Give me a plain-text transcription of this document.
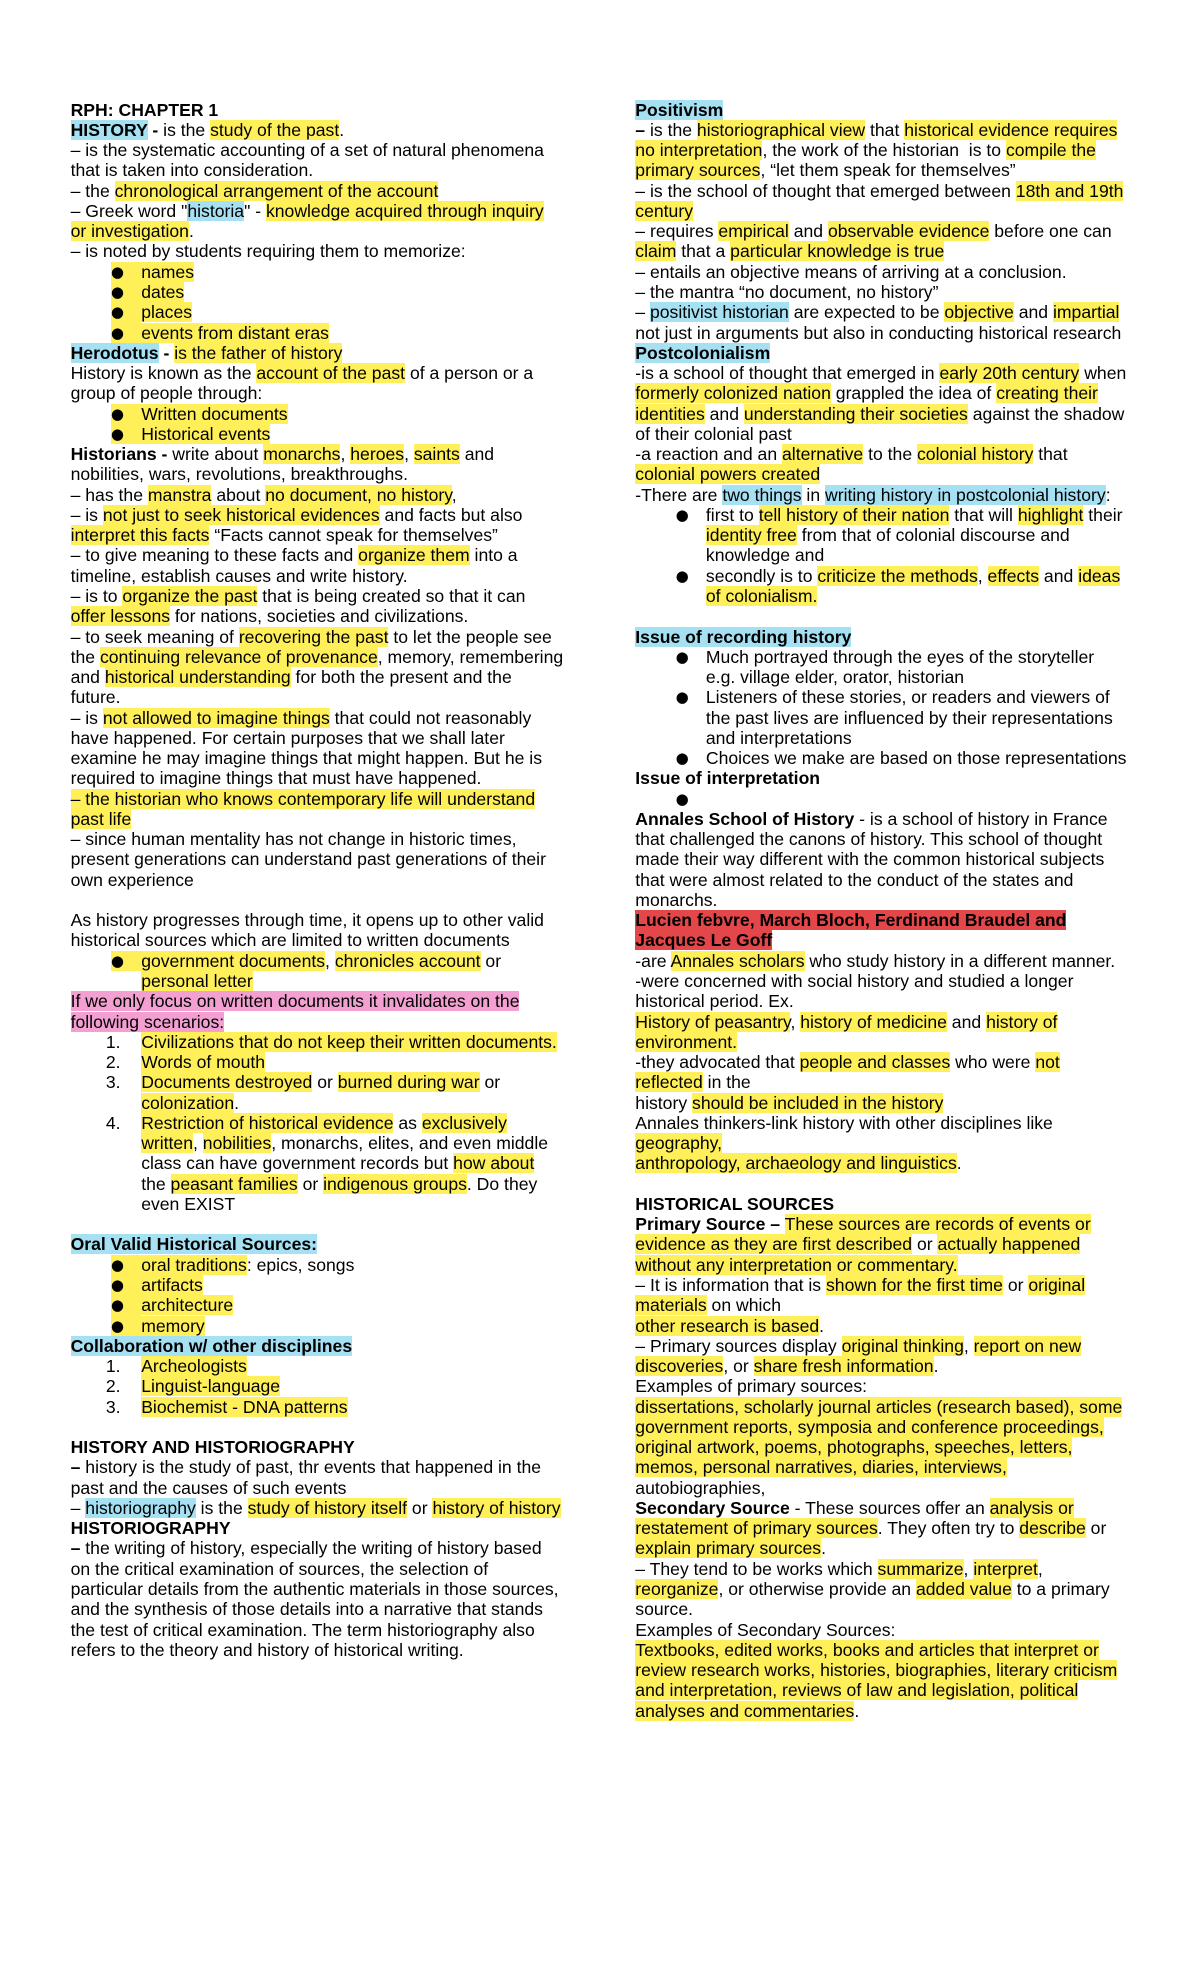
RPH: CHAPTER 1
HISTORY - is the study of the past.
– is the systematic accounting of a set of natural phenomena
that is taken into consideration.
– the chronological arrangement of the account
– Greek word "historia" - knowledge acquired through inquiry
or investigation.
– is noted by students requiring them to memorize:
● names
● dates
● places
● events from distant eras
Herodotus - is the father of history
History is known as the account of the past of a person or a
group of people through:
● Written documents
● Historical events
Historians - write about monarchs, heroes, saints and
nobilities, wars, revolutions, breakthroughs.
– has the manstra about no document, no history,
– is not just to seek historical evidences and facts but also
interpret this facts “Facts cannot speak for themselves”
– to give meaning to these facts and organize them into a
timeline, establish causes and write history.
– is to organize the past that is being created so that it can
offer lessons for nations, societies and civilizations.
– to seek meaning of recovering the past to let the people see
the continuing relevance of provenance, memory, remembering
and historical understanding for both the present and the
future.
– is not allowed to imagine things that could not reasonably
have happened. For certain purposes that we shall later
examine he may imagine things that might happen. But he is
required to imagine things that must have happened.
– the historian who knows contemporary life will understand
past life
– since human mentality has not change in historic times,
present generations can understand past generations of their
own experience
As history progresses through time, it opens up to other valid
historical sources which are limited to written documents
● government documents, chronicles account or
personal letter
If we only focus on written documents it invalidates on the
following scenarios:
1. Civilizations that do not keep their written documents.
2. Words of mouth
3. Documents destroyed or burned during war or
colonization.
4. Restriction of historical evidence as exclusively
written, nobilities, monarchs, elites, and even middle
class can have government records but how about
the peasant families or indigenous groups. Do they
even EXIST
Oral Valid Historical Sources:
● oral traditions: epics, songs
● artifacts
● architecture
● memory
Collaboration w/ other disciplines
1. Archeologists
2. Linguist-language
3. Biochemist - DNA patterns
HISTORY AND HISTORIOGRAPHY
– history is the study of past, thr events that happened in the
past and the causes of such events
– historiography is the study of history itself or history of history
HISTORIOGRAPHY
– the writing of history, especially the writing of history based
on the critical examination of sources, the selection of
particular details from the authentic materials in those sources,
and the synthesis of those details into a narrative that stands
the test of critical examination. The term historiography also
refers to the theory and history of historical writing.
Positivism
– is the historiographical view that historical evidence requires
no interpretation, the work of the historian  is to compile the
primary sources, “let them speak for themselves”
– is the school of thought that emerged between 18th and 19th
century
– requires empirical and observable evidence before one can
claim that a particular knowledge is true
– entails an objective means of arriving at a conclusion.
– the mantra “no document, no history”
– positivist historian are expected to be objective and impartial
not just in arguments but also in conducting historical research
Postcolonialism
-is a school of thought that emerged in early 20th century when
formerly colonized nation grappled the idea of creating their
identities and understanding their societies against the shadow
of their colonial past
-a reaction and an alternative to the colonial history that
colonial powers created
-There are two things in writing history in postcolonial history:
● first to tell history of their nation that will highlight their
identity free from that of colonial discourse and
knowledge and
● secondly is to criticize the methods, effects and ideas
of colonialism.
Issue of recording history
● Much portrayed through the eyes of the storyteller
e.g. village elder, orator, historian
● Listeners of these stories, or readers and viewers of
the past lives are influenced by their representations
and interpretations
● Choices we make are based on those representations
Issue of interpretation
●
Annales School of History - is a school of history in France
that challenged the canons of history. This school of thought
made their way different with the common historical subjects
that were almost related to the conduct of the states and
monarchs.
Lucien febvre, March Bloch, Ferdinand Braudel and
Jacques Le Goff
-are Annales scholars who study history in a different manner.
-were concerned with social history and studied a longer
historical period. Ex.
History of peasantry, history of medicine and history of
environment.
-they advocated that people and classes who were not
reflected in the
history should be included in the history
Annales thinkers-link history with other disciplines like
geography,
anthropology, archaeology and linguistics.
HISTORICAL SOURCES
Primary Source – These sources are records of events or
evidence as they are first described or actually happened
without any interpretation or commentary.
– It is information that is shown for the first time or original
materials on which
other research is based.
– Primary sources display original thinking, report on new
discoveries, or share fresh information.
Examples of primary sources:
dissertations, scholarly journal articles (research based), some
government reports, symposia and conference proceedings,
original artwork, poems, photographs, speeches, letters,
memos, personal narratives, diaries, interviews,
autobiographies,
Secondary Source - These sources offer an analysis or
restatement of primary sources. They often try to describe or
explain primary sources.
– They tend to be works which summarize, interpret,
reorganize, or otherwise provide an added value to a primary
source.
Examples of Secondary Sources:
Textbooks, edited works, books and articles that interpret or
review research works, histories, biographies, literary criticism
and interpretation, reviews of law and legislation, political
analyses and commentaries.
